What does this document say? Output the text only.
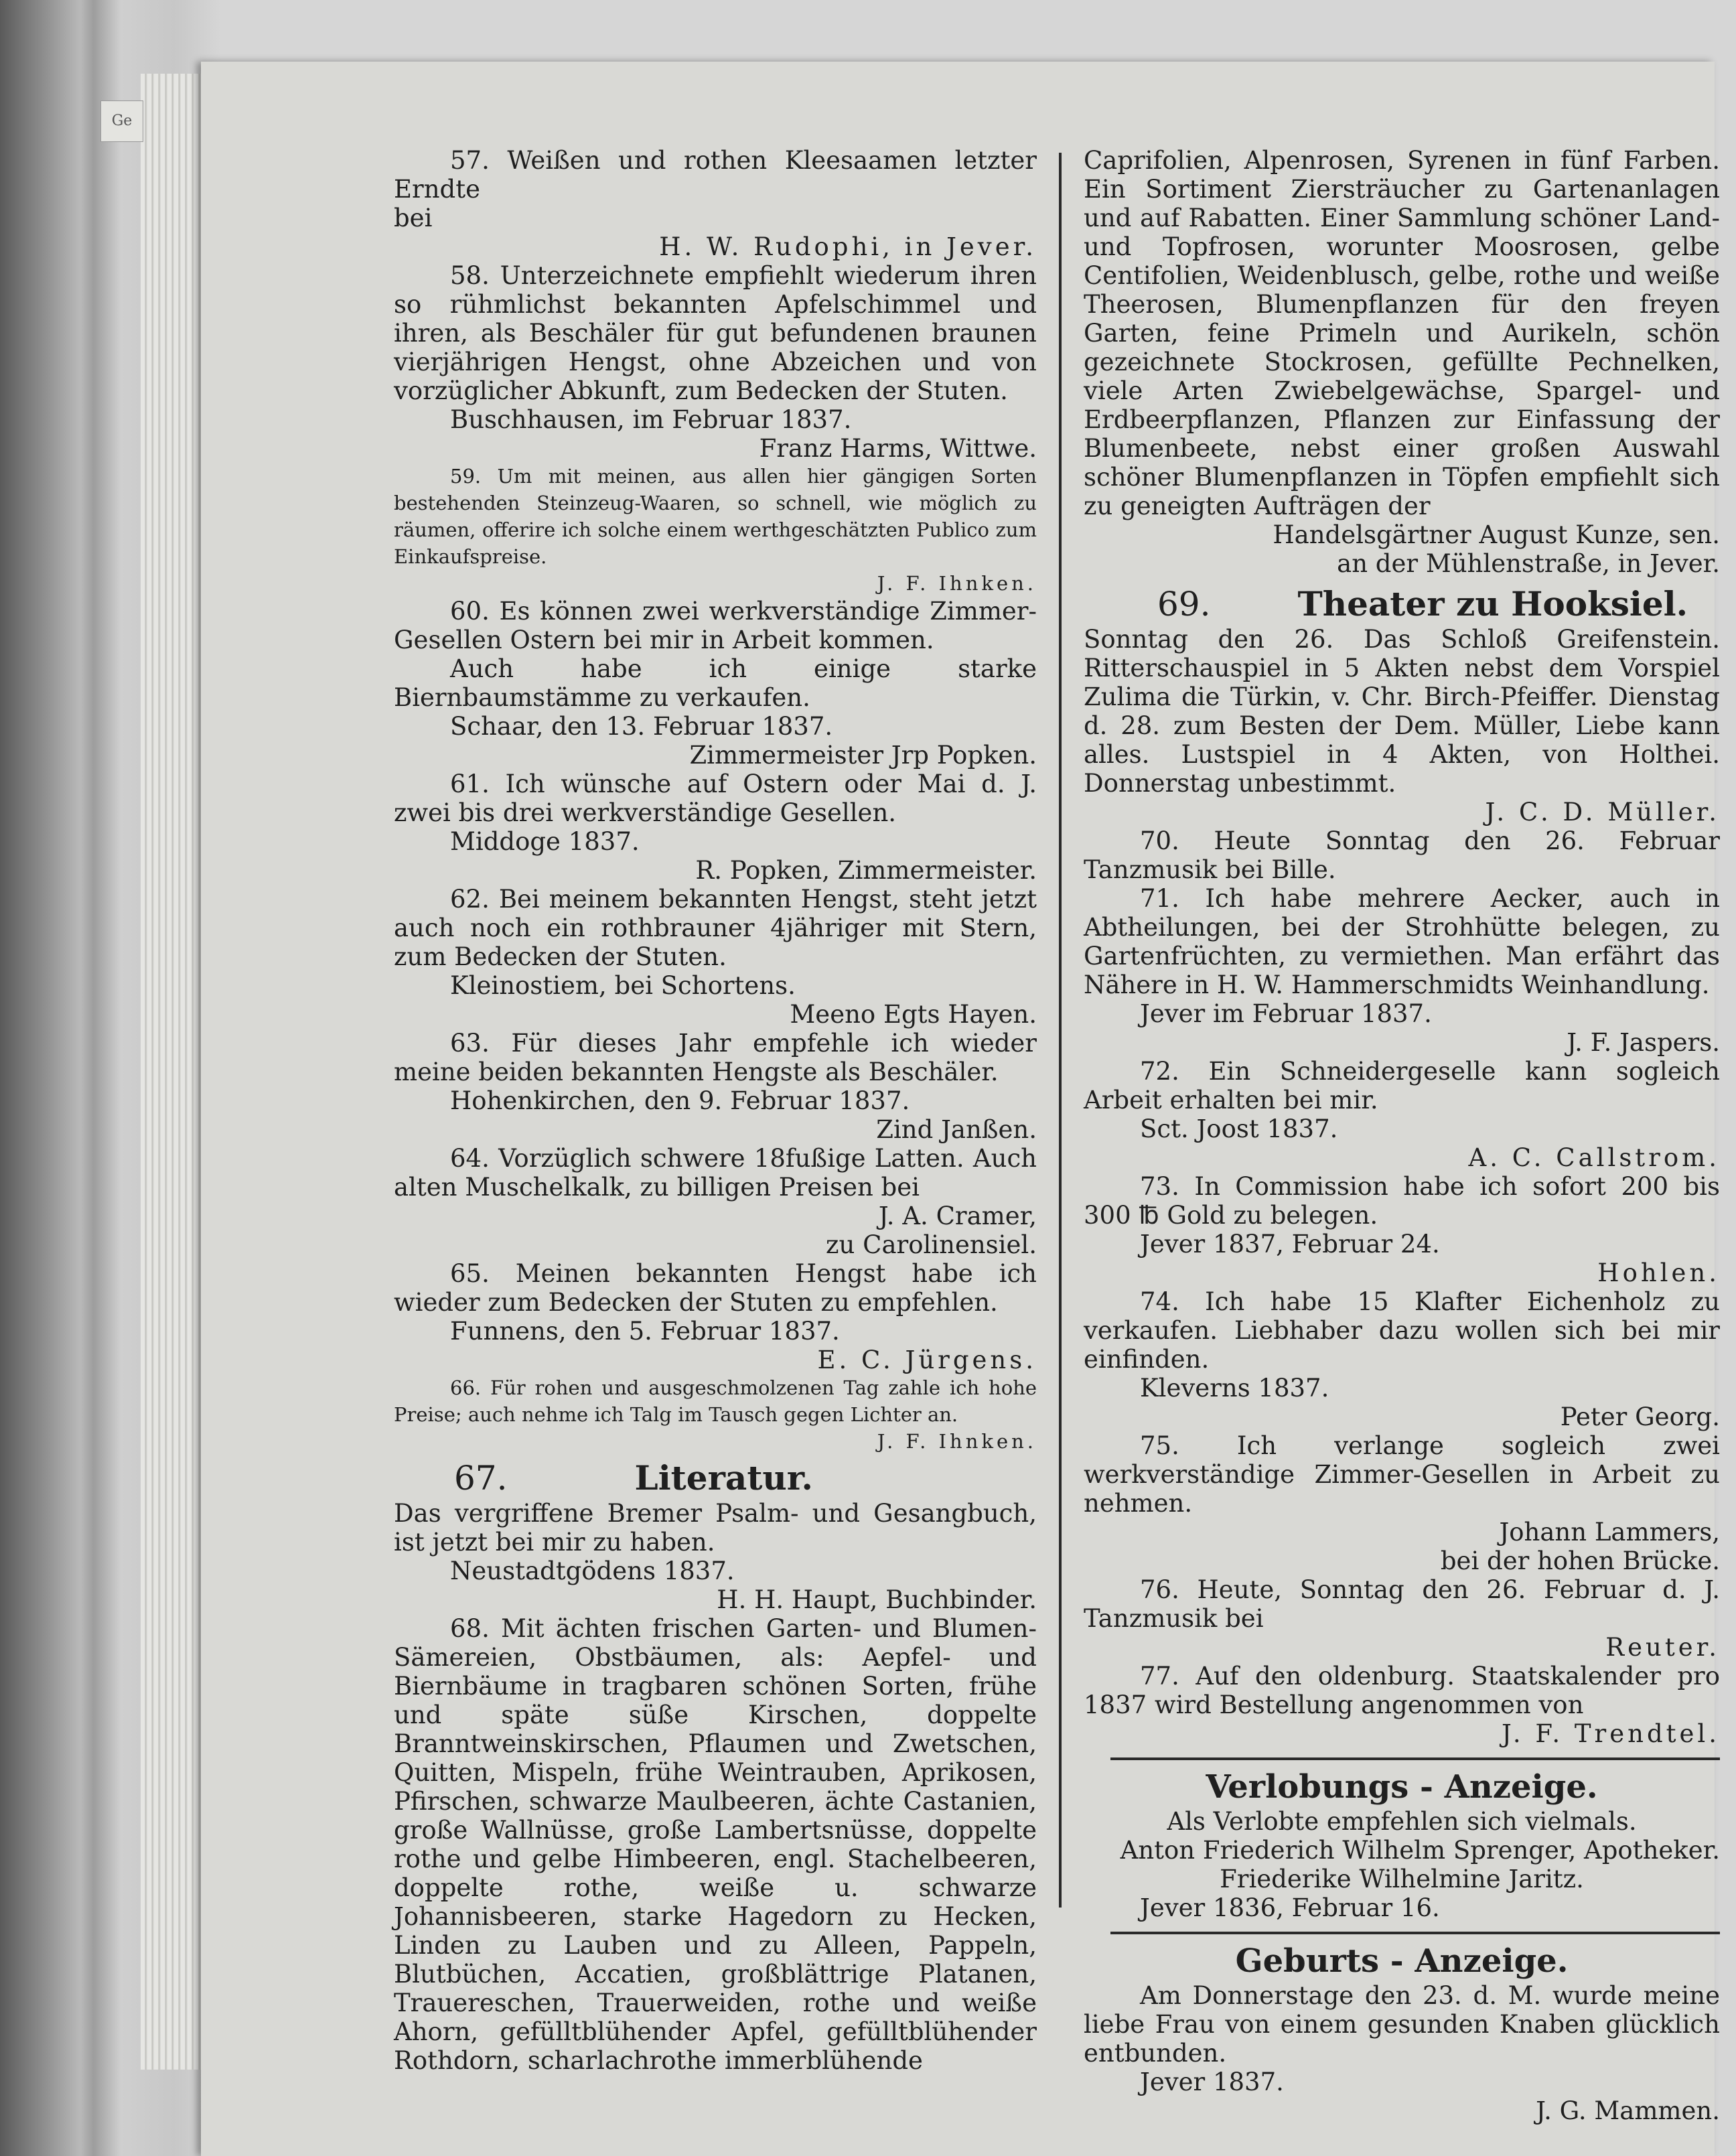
Ge

57. Weißen und rothen Kleesaamen letzter Erndte

bei

H. W. Rudophi, in Jever.

58. Unterzeichnete empfiehlt wiederum ihren so rühmlichst bekannten Apfelschimmel und ihren, als Beschäler für gut befundenen braunen vierjährigen Hengst, ohne Abzeichen und von vorzüglicher Abkunft, zum Bedecken der Stuten.

Buschhausen, im Februar 1837.

Franz Harms, Wittwe.

59. Um mit meinen, aus allen hier gängigen Sorten bestehenden Steinzeug-Waaren, so schnell, wie möglich zu räumen, offerire ich solche einem werthgeschätzten Publico zum Einkaufspreise.

J. F. Ihnken.

60. Es können zwei werkverständige Zimmer-Gesellen Ostern bei mir in Arbeit kommen.

Auch habe ich einige starke Biernbaumstämme zu verkaufen.

Schaar, den 13. Februar 1837.

Zimmermeister Jrp Popken.

61. Ich wünsche auf Ostern oder Mai d. J. zwei bis drei werkverständige Gesellen.

Middoge 1837.

R. Popken, Zimmermeister.

62. Bei meinem bekannten Hengst, steht jetzt auch noch ein rothbrauner 4jähriger mit Stern, zum Bedecken der Stuten.

Kleinostiem, bei Schortens.

Meeno Egts Hayen.

63. Für dieses Jahr empfehle ich wieder meine beiden bekannten Hengste als Beschäler.

Hohenkirchen, den 9. Februar 1837.

Zind Janßen.

64. Vorzüglich schwere 18fußige Latten. Auch alten Muschelkalk, zu billigen Preisen bei

J. A. Cramer,

zu Carolinensiel.

65. Meinen bekannten Hengst habe ich wieder zum Bedecken der Stuten zu empfehlen.

Funnens, den 5. Februar 1837.

E. C. Jürgens.

66. Für rohen und ausgeschmolzenen Tag zahle ich hohe Preise; auch nehme ich Talg im Tausch gegen Lichter an.

J. F. Ihnken.

67.	Literatur.

Das vergriffene Bremer Psalm- und Gesangbuch, ist jetzt bei mir zu haben.

Neustadtgödens 1837.

H. H. Haupt, Buchbinder.

68. Mit ächten frischen Garten- und Blumen-Sämereien, Obstbäumen, als: Aepfel- und Biernbäume in tragbaren schönen Sorten, frühe und späte süße Kirschen, doppelte Branntweinskirschen, Pflaumen und Zwetschen, Quitten, Mispeln, frühe Weintrauben, Aprikosen, Pfirschen, schwarze Maulbeeren, ächte Castanien, große Wallnüsse, große Lambertsnüsse, doppelte rothe und gelbe Himbeeren, engl. Stachelbeeren, doppelte rothe, weiße u. schwarze Johannisbeeren, starke Hagedorn zu Hecken, Linden zu Lauben und zu Alleen, Pappeln, Blutbüchen, Accatien, großblättrige Platanen, Trauereschen, Trauerweiden, rothe und weiße Ahorn, gefülltblühender Apfel, gefülltblühender Rothdorn, scharlachrothe immerblühende

Caprifolien, Alpenrosen, Syrenen in fünf Farben. Ein Sortiment Ziersträucher zu Gartenanlagen und auf Rabatten. Einer Sammlung schöner Land- und Topfrosen, worunter Moosrosen, gelbe Centifolien, Weidenblusch, gelbe, rothe und weiße Theerosen, Blumenpflanzen für den freyen Garten, feine Primeln und Aurikeln, schön gezeichnete Stockrosen, gefüllte Pechnelken, viele Arten Zwiebelgewächse, Spargel- und Erdbeerpflanzen, Pflanzen zur Einfassung der Blumenbeete, nebst einer großen Auswahl schöner Blumenpflanzen in Töpfen empfiehlt sich zu geneigten Aufträgen der

Handelsgärtner August Kunze, sen.

an der Mühlenstraße, in Jever.

69.	Theater zu Hooksiel.

Sonntag den 26. Das Schloß Greifenstein. Ritterschauspiel in 5 Akten nebst dem Vorspiel Zulima die Türkin, v. Chr. Birch-Pfeiffer. Dienstag d. 28. zum Besten der Dem. Müller, Liebe kann alles. Lustspiel in 4 Akten, von Holthei. Donnerstag unbestimmt.

J. C. D. Müller.

70. Heute Sonntag den 26. Februar Tanzmusik bei Bille.

71. Ich habe mehrere Aecker, auch in Abtheilungen, bei der Strohhütte belegen, zu Gartenfrüchten, zu vermiethen. Man erfährt das Nähere in H. W. Hammerschmidts Weinhandlung.

Jever im Februar 1837.

J. F. Jaspers.

72. Ein Schneidergeselle kann sogleich Arbeit erhalten bei mir.

Sct. Joost 1837.

A. C. Callstrom.

73. In Commission habe ich sofort 200 bis 300 ℔ Gold zu belegen.

Jever 1837, Februar 24.

Hohlen.

74. Ich habe 15 Klafter Eichenholz zu verkaufen. Liebhaber dazu wollen sich bei mir einfinden.

Kleverns 1837.

Peter Georg.

75. Ich verlange sogleich zwei werkverständige Zimmer-Gesellen in Arbeit zu nehmen.

Johann Lammers,

bei der hohen Brücke.

76. Heute, Sonntag den 26. Februar d. J. Tanzmusik bei

Reuter.

77. Auf den oldenburg. Staatskalender pro 1837 wird Bestellung angenommen von

J. F. Trendtel.

Verlobungs - Anzeige.

Als Verlobte empfehlen sich vielmals.

Anton Friederich Wilhelm Sprenger, Apotheker.

Friederike Wilhelmine Jaritz.

Jever 1836, Februar 16.

Geburts - Anzeige.

Am Donnerstage den 23. d. M. wurde meine liebe Frau von einem gesunden Knaben glücklich entbunden.

Jever 1837.

J. G. Mammen.
